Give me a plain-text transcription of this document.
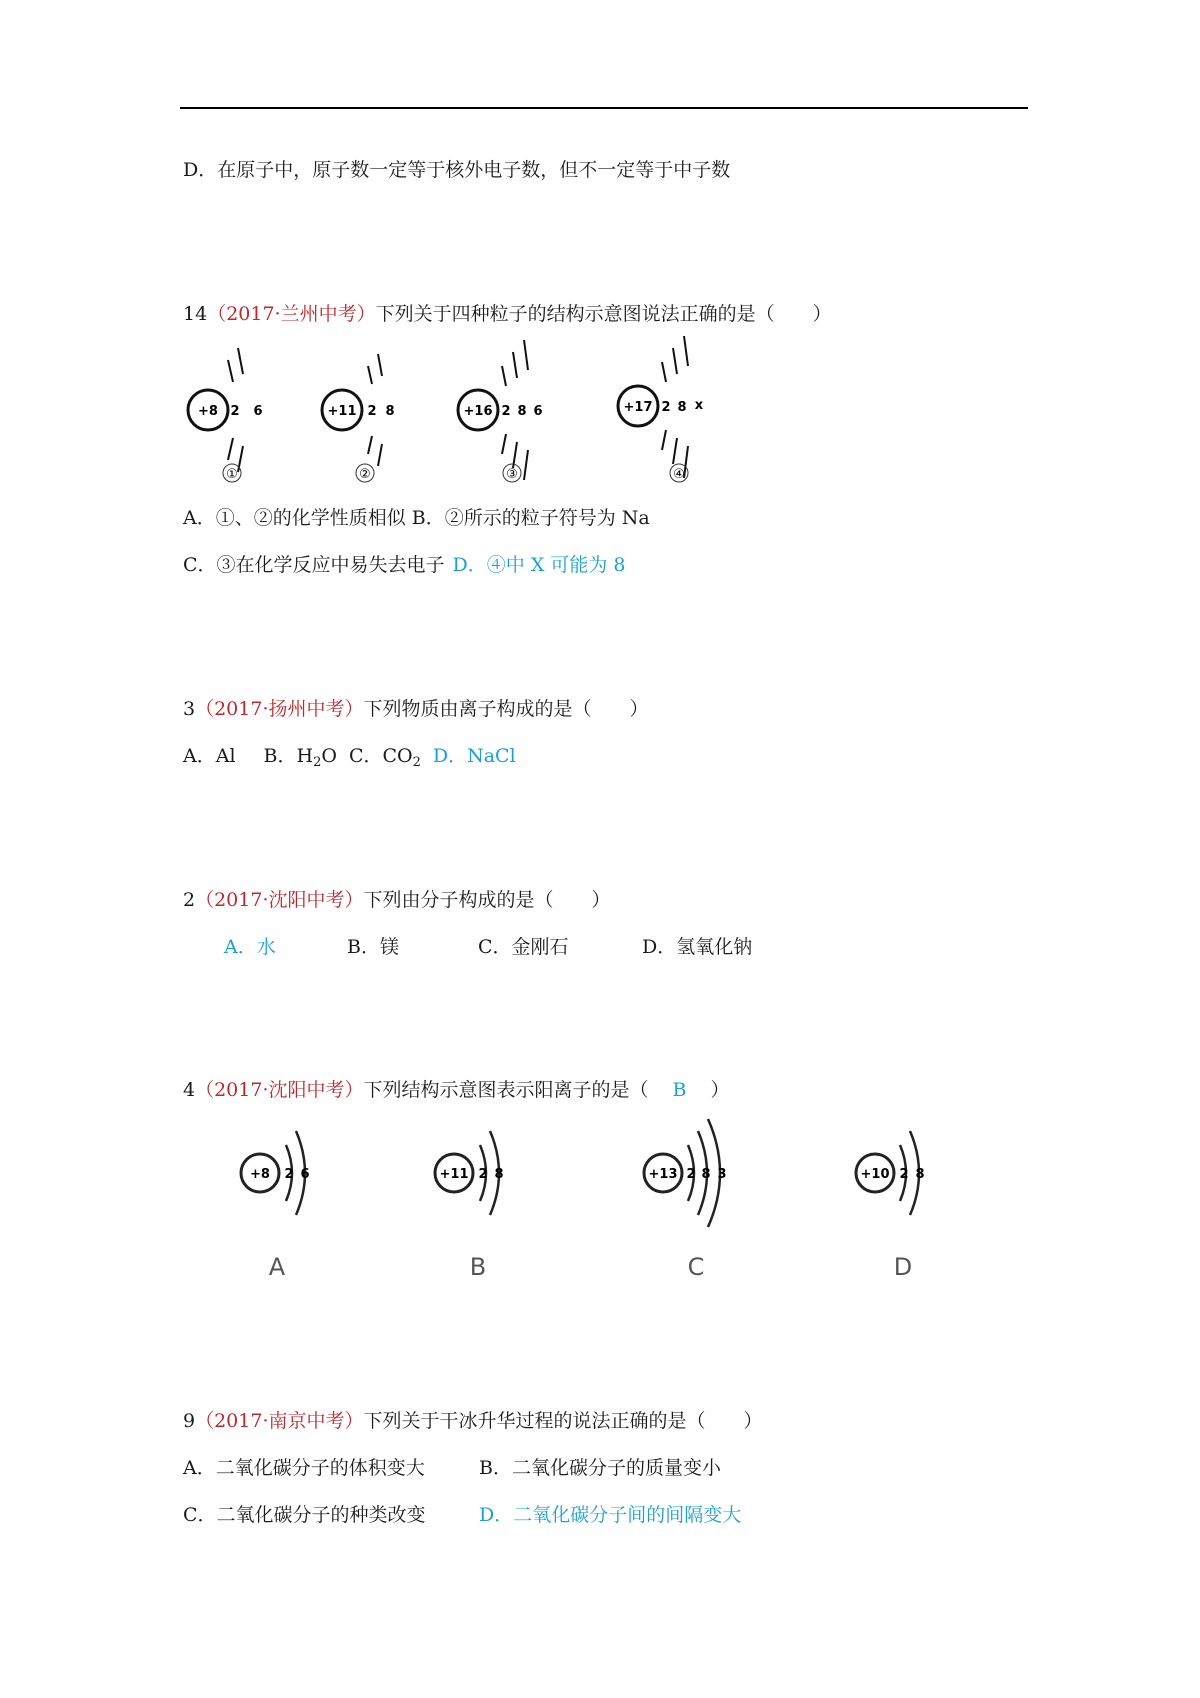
D．在原子中，原子数一定等于核外电子数，但不一定等于中子数
14（2017·兰州中考）下列关于四种粒子的结构示意图说法正确的是（　　）
+8 2 6
①
+11 2 8
②
+16 2 8 6
③
+17 2 8 x
④
A．①、②的化学性质相似 B．②所示的粒子符号为 Na
C．③在化学反应中易失去电子 D．④中 X 可能为 8
3（2017·扬州中考）下列物质由离子构成的是（　　）
A．Al B．$H_2O$ C．$CO_2$ D．NaCl
2（2017·沈阳中考）下列由分子构成的是（　　）
A．水	B．镁	C．金刚石	D．氢氧化钠
4（2017·沈阳中考）下列结构示意图表示阳离子的是（ B ）
+8 2 6
A
+11 2 8
B
+13 2 8 3
C
+10 2 8
D
9（2017·南京中考）下列关于干冰升华过程的说法正确的是（　　）
A．二氧化碳分子的体积变大	B．二氧化碳分子的质量变小
C．二氧化碳分子的种类改变	D．二氧化碳分子间的间隔变大
